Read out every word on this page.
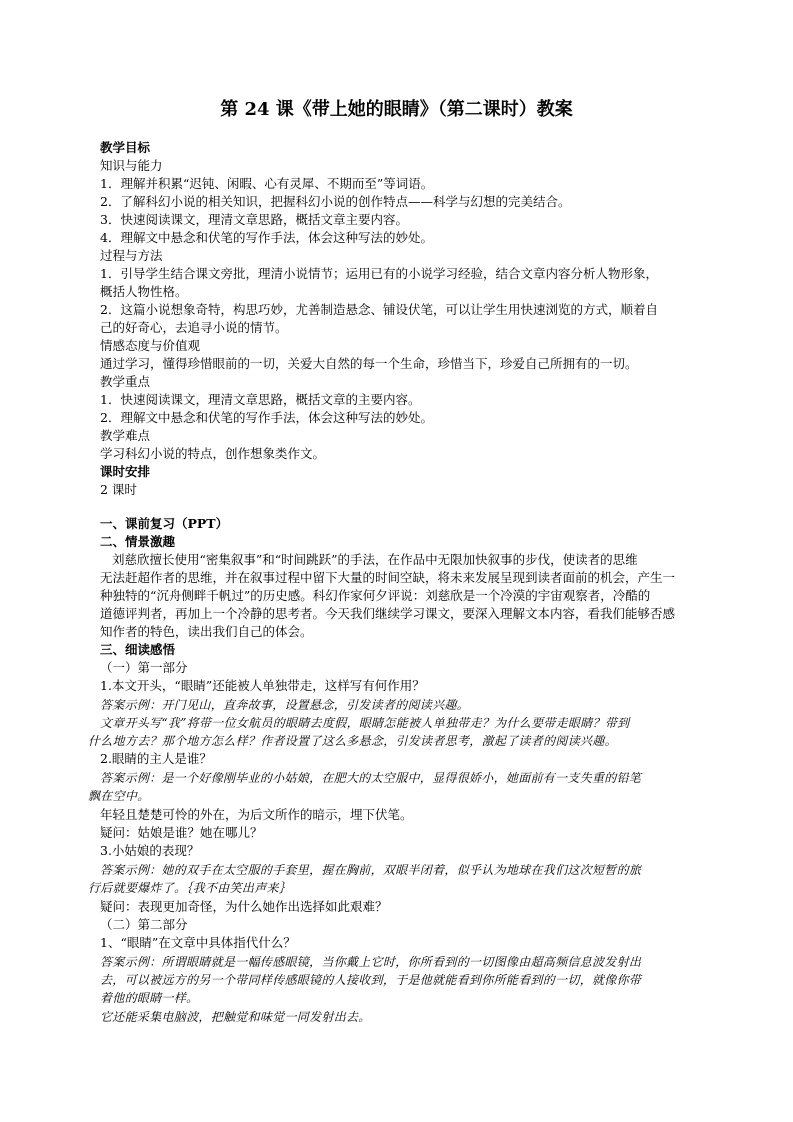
第 24 课《带上她的眼睛》（第二课时）教案
教学目标
知识与能力
1．理解并积累“迟钝、闲暇、心有灵犀、不期而至”等词语。
2．了解科幻小说的相关知识，把握科幻小说的创作特点——科学与幻想的完美结合。
3．快速阅读课文，理清文章思路，概括文章主要内容。
4．理解文中悬念和伏笔的写作手法，体会这种写法的妙处。
过程与方法
1．引导学生结合课文旁批，理清小说情节；运用已有的小说学习经验，结合文章内容分析人物形象，
概括人物性格。
2．这篇小说想象奇特，构思巧妙，尤善制造悬念、铺设伏笔，可以让学生用快速浏览的方式，顺着自
己的好奇心，去追寻小说的情节。
情感态度与价值观
通过学习，懂得珍惜眼前的一切，关爱大自然的每一个生命，珍惜当下，珍爱自己所拥有的一切。
教学重点
1．快速阅读课文，理清文章思路，概括文章的主要内容。
2．理解文中悬念和伏笔的写作手法，体会这种写法的妙处。
教学难点
学习科幻小说的特点，创作想象类作文。
课时安排
2 课时
一、课前复习（PPT）
二、情景激趣
刘慈欣擅长使用“密集叙事”和“时间跳跃”的手法，在作品中无限加快叙事的步伐，使读者的思维
无法赶超作者的思维，并在叙事过程中留下大量的时间空缺，将未来发展呈现到读者面前的机会，产生一
种独特的“沉舟侧畔千帆过”的历史感。科幻作家何夕评说：刘慈欣是一个冷漠的宇宙观察者，冷酷的
道德评判者，再加上一个冷静的思考者。今天我们继续学习课文，要深入理解文本内容，看我们能够否感
知作者的特色，读出我们自己的体会。
三、细读感悟
（一）第一部分
1.本文开头，“眼睛”还能被人单独带走，这样写有何作用？
答案示例：开门见山，直奔故事，设置悬念，引发读者的阅读兴趣。
文章开头写“我”将带一位女航员的眼睛去度假，眼睛怎能被人单独带走？为什么要带走眼睛？带到
什么地方去？那个地方怎么样？作者设置了这么多悬念，引发读者思考，激起了读者的阅读兴趣。
2.眼睛的主人是谁？
答案示例：是一个好像刚毕业的小姑娘，在肥大的太空服中，显得很娇小，她面前有一支失重的铅笔
飘在空中。
年轻且楚楚可怜的外在，为后文所作的暗示，埋下伏笔。
疑问：姑娘是谁？她在哪儿？
3.小姑娘的表现？
答案示例：她的双手在太空服的手套里，握在胸前，双眼半闭着，似乎认为地球在我们这次短暂的旅
行后就要爆炸了。｛我不由笑出声来｝
疑问：表现更加奇怪，为什么她作出选择如此艰难？
（二）第二部分
1、“眼睛”在文章中具体指代什么？
答案示例：所谓眼睛就是一幅传感眼镜，当你戴上它时，你所看到的一切图像由超高频信息波发射出
去，可以被远方的另一个带同样传感眼镜的人接收到，于是他就能看到你所能看到的一切，就像你带
着他的眼睛一样。
它还能采集电脑波，把触觉和味觉一同发射出去。
